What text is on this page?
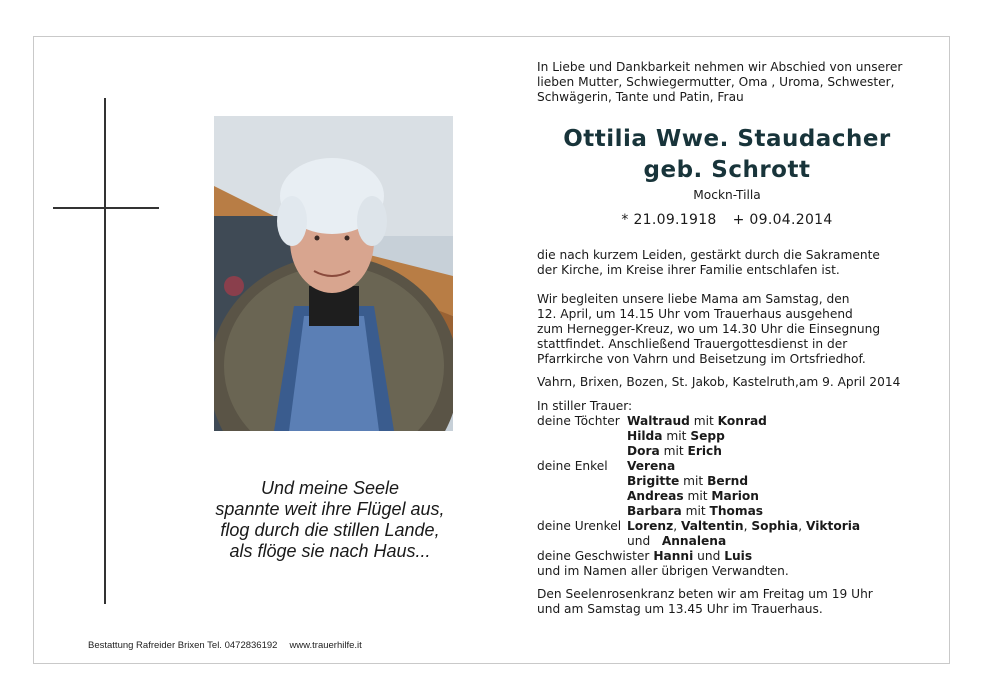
Und meine Seele
spannte weit ihre Flügel aus,
flog durch die stillen Lande,
als flöge sie nach Haus...
Bestattung Rafreider Brixen Tel. 0472836192 www.trauerhilfe.it
In Liebe und Dankbarkeit nehmen wir Abschied von unserer
lieben Mutter, Schwiegermutter, Oma , Uroma, Schwester,
Schwägerin, Tante und Patin, Frau
Ottilia Wwe. Staudacher
geb. Schrott
Mockn-Tilla
* 21.09.1918 + 09.04.2014
die nach kurzem Leiden, gestärkt durch die Sakramente
der Kirche, im Kreise ihrer Familie entschlafen ist.
Wir begleiten unsere liebe Mama am Samstag, den
12. April, um 14.15 Uhr vom Trauerhaus ausgehend
zum Hernegger-Kreuz, wo um 14.30 Uhr die Einsegnung
stattfindet. Anschließend Trauergottesdienst in der
Pfarrkirche von Vahrn und Beisetzung im Ortsfriedhof.
Vahrn, Brixen, Bozen, St. Jakob, Kastelruth,am 9. April 2014
In stiller Trauer:
deine Töchter Waltraud mit Konrad
Hilda mit Sepp
Dora mit Erich
deine Enkel Verena
Brigitte mit Bernd
Andreas mit Marion
Barbara mit Thomas
deine Urenkel Lorenz, Valtentin, Sophia, Viktoria
und Annalena
deine Geschwister Hanni und Luis
und im Namen aller übrigen Verwandten.
Den Seelenrosenkranz beten wir am Freitag um 19 Uhr
und am Samstag um 13.45 Uhr im Trauerhaus.
